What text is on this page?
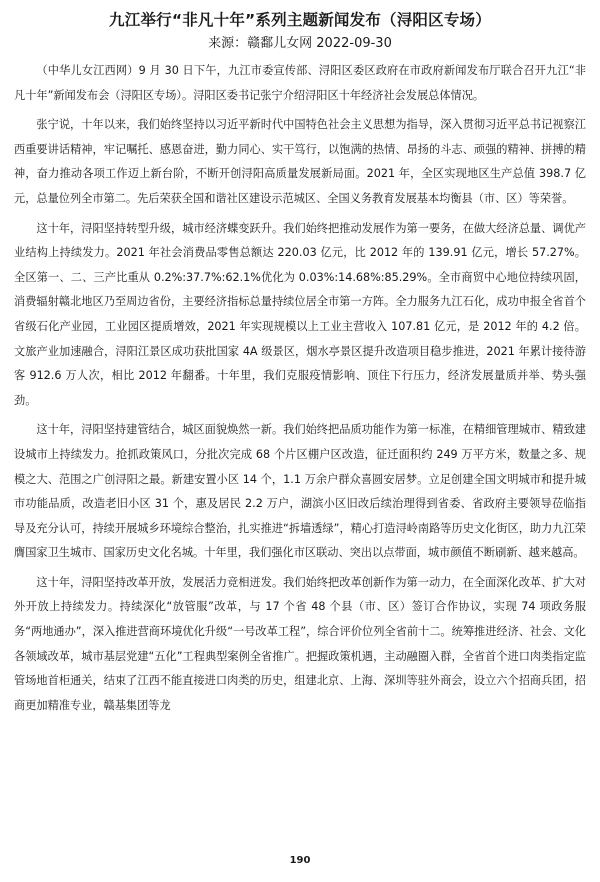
九江举行“非凡十年”系列主题新闻发布（浔阳区专场）
来源：赣鄱儿女网 2022-09-30

（中华儿女江西网）9 月 30 日下午，九江市委宣传部、浔阳区委区政府在市政府新闻发布厅联合召开九江“非凡十年”新闻发布会（浔阳区专场）。浔阳区委书记张宁介绍浔阳区十年经济社会发展总体情况。

张宁说，十年以来，我们始终坚持以习近平新时代中国特色社会主义思想为指导，深入贯彻习近平总书记视察江西重要讲话精神，牢记嘱托、感恩奋进，勤力同心、实干笃行，以饱满的热情、昂扬的斗志、顽强的精神、拼搏的精神，奋力推动各项工作迈上新台阶，不断开创浔阳高质量发展新局面。2021 年，全区实现地区生产总值 398.7 亿元，总量位列全市第二。先后荣获全国和谐社区建设示范城区、全国义务教育发展基本均衡县（市、区）等荣誉。

这十年，浔阳坚持转型升级，城市经济蝶变跃升。我们始终把推动发展作为第一要务，在做大经济总量、调优产业结构上持续发力。2021 年社会消费品零售总额达 220.03 亿元，比 2012 年的 139.91 亿元，增长 57.27%。全区第一、二、三产比重从 0.2%:37.7%:62.1%优化为 0.03%:14.68%:85.29%。全市商贸中心地位持续巩固，消费辐射赣北地区乃至周边省份，主要经济指标总量持续位居全市第一方阵。全力服务九江石化，成功申报全省首个省级石化产业园，工业园区提质增效，2021 年实现规模以上工业主营收入 107.81 亿元，是 2012 年的 4.2 倍。文旅产业加速融合，浔阳江景区成功获批国家 4A 级景区，烟水亭景区提升改造项目稳步推进，2021 年累计接待游客 912.6 万人次，相比 2012 年翻番。十年里，我们克服疫情影响、顶住下行压力，经济发展量质并举、势头强劲。

这十年，浔阳坚持建管结合，城区面貌焕然一新。我们始终把品质功能作为第一标准，在精细管理城市、精致建设城市上持续发力。抢抓政策风口，分批次完成 68 个片区棚户区改造，征迁面积约 249 万平方米，数量之多、规模之大、范围之广创浔阳之最。新建安置小区 14 个，1.1 万余户群众喜圆安居梦。立足创建全国文明城市和提升城市功能品质，改造老旧小区 31 个，惠及居民 2.2 万户，湖滨小区旧改后续治理得到省委、省政府主要领导莅临指导及充分认可，持续开展城乡环境综合整治，扎实推进“拆墙透绿”，精心打造浔岭南路等历史文化街区，助力九江荣膺国家卫生城市、国家历史文化名城。十年里，我们强化市区联动、突出以点带面，城市颜值不断刷新、越来越高。

这十年，浔阳坚持改革开放，发展活力竞相迸发。我们始终把改革创新作为第一动力，在全面深化改革、扩大对外开放上持续发力。持续深化“放管服”改革，与 17 个省 48 个县（市、区）签订合作协议，实现 74 项政务服务“两地通办”，深入推进营商环境优化升级“一号改革工程”，综合评价位列全省前十二。统筹推进经济、社会、文化各领域改革，城市基层党建“五化”工程典型案例全省推广。把握政策机遇，主动融圈入群，全省首个进口肉类指定监管场地首柜通关，结束了江西不能直接进口肉类的历史，组建北京、上海、深圳等驻外商会，设立六个招商兵团，招商更加精准专业，赣基集团等龙

190
